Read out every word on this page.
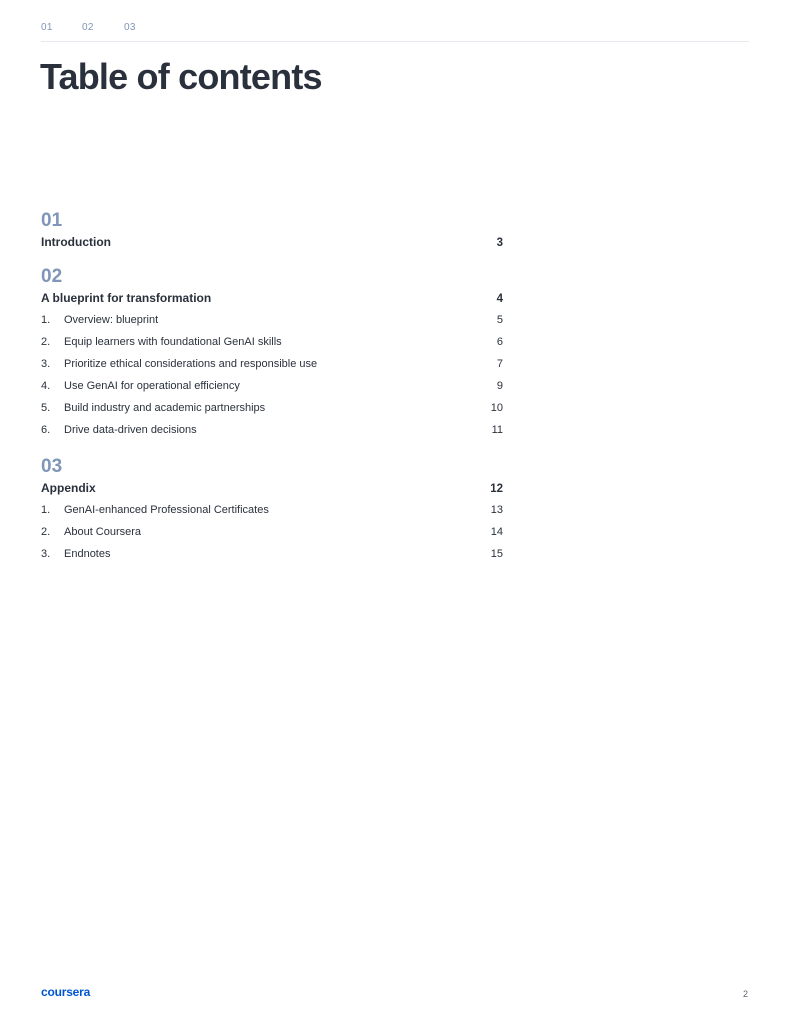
01	02	03
Table of contents
01
Introduction	3
02
A blueprint for transformation	4
1.	Overview: blueprint	5
2.	Equip learners with foundational GenAI skills	6
3.	Prioritize ethical considerations and responsible use	7
4.	Use GenAI for operational efficiency	9
5.	Build industry and academic partnerships	10
6.	Drive data-driven decisions	11
03
Appendix	12
1.	GenAI-enhanced Professional Certificates	13
2.	About Coursera	14
3.	Endnotes	15
coursera	2
